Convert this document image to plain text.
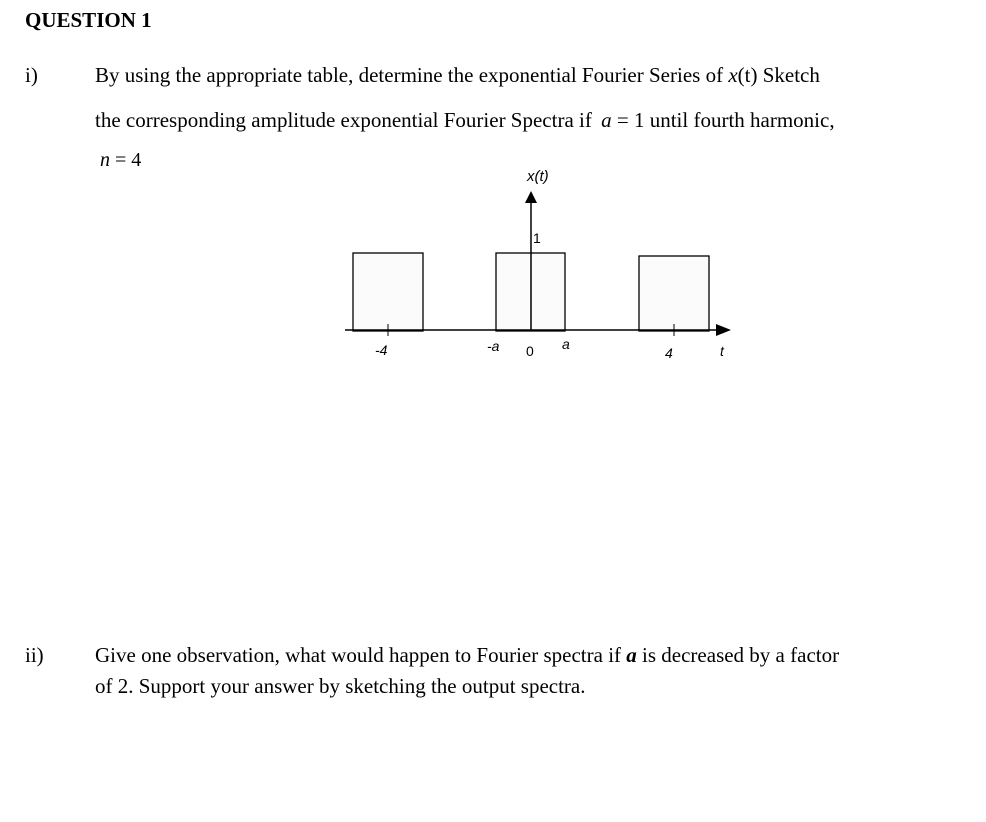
QUESTION 1
i)	By using the appropriate table, determine the exponential Fourier Series of x(t) Sketch
the corresponding amplitude exponential Fourier Spectra if a = 1 until fourth harmonic,
n = 4
x(t)
1
-4	-a 0 a
4	t
ii) Give one observation, what would happen to Fourier spectra if a is decreased by a factor
of 2. Support your answer by sketching the output spectra.
